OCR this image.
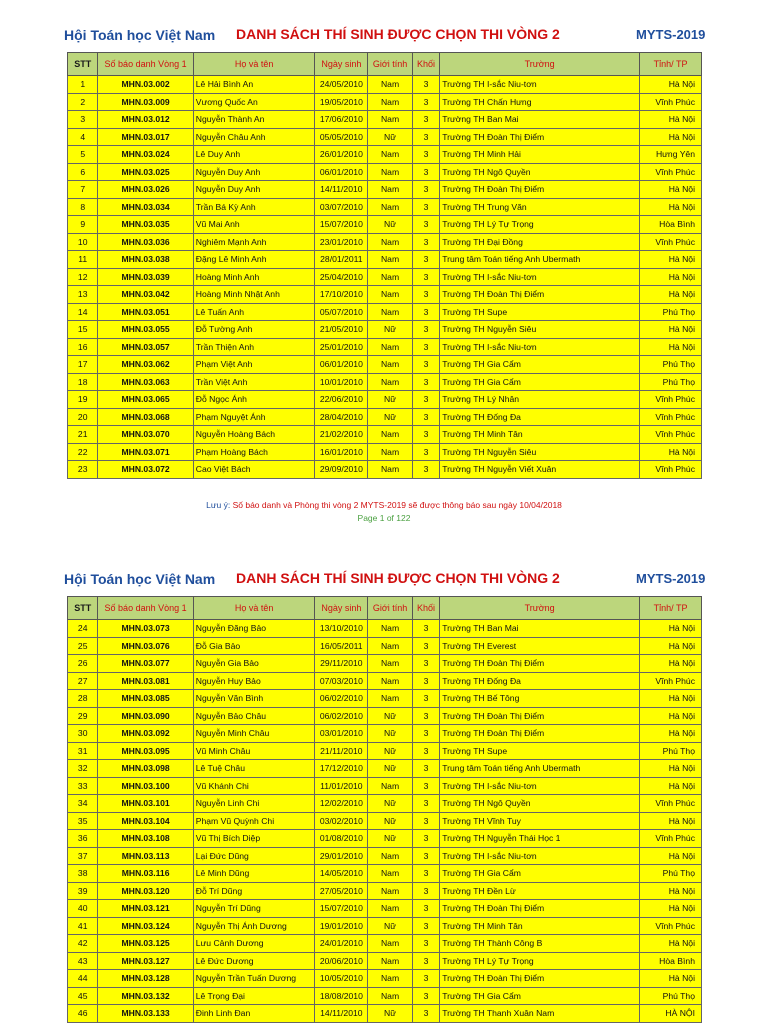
Hội Toán học Việt Nam DANH SÁCH THÍ SINH ĐƯỢC CHỌN THI VÒNG 2	MYTS-2019
STT	Số báo danh Vòng 1	Họ và tên	Ngày sinh	Giới tính	Khối	Trường	Tỉnh/ TP
1	MHN.03.002	Lê Hải Bình An	24/05/2010	Nam	3	Trường TH I-sắc Niu-tơn	Hà Nội
2	MHN.03.009	Vương Quốc An	19/05/2010	Nam	3	Trường TH Chấn Hưng	Vĩnh Phúc
3	MHN.03.012	Nguyễn Thành An	17/06/2010	Nam	3	Trường TH Ban Mai	Hà Nội
4	MHN.03.017	Nguyễn Châu Anh	05/05/2010	Nữ	3	Trường TH Đoàn Thị Điểm	Hà Nội
5	MHN.03.024	Lê Duy Anh	26/01/2010	Nam	3	Trường TH Minh Hải	Hưng Yên
6	MHN.03.025	Nguyễn Duy Anh	06/01/2010	Nam	3	Trường TH Ngô Quyền	Vĩnh Phúc
7	MHN.03.026	Nguyễn Duy Anh	14/11/2010	Nam	3	Trường TH Đoàn Thị Điểm	Hà Nội
8	MHN.03.034	Trần Bá Kỳ Anh	03/07/2010	Nam	3	Trường TH Trung Văn	Hà Nội
9	MHN.03.035	Vũ Mai Anh	15/07/2010	Nữ	3	Trường TH Lý Tự Trọng	Hòa Bình
10	MHN.03.036	Nghiêm Mạnh Anh	23/01/2010	Nam	3	Trường TH Đại Đồng	Vĩnh Phúc
11	MHN.03.038	Đặng Lê Minh Anh	28/01/2011	Nam	3	Trung tâm Toán tiếng Anh Ubermath	Hà Nội
12	MHN.03.039	Hoàng Minh Anh	25/04/2010	Nam	3	Trường TH I-sắc Niu-tơn	Hà Nội
13	MHN.03.042	Hoàng Minh Nhật Anh	17/10/2010	Nam	3	Trường TH Đoàn Thị Điểm	Hà Nội
14	MHN.03.051	Lê Tuấn Anh	05/07/2010	Nam	3	Trường TH Supe	Phú Thọ
15	MHN.03.055	Đỗ Tường Anh	21/05/2010	Nữ	3	Trường TH Nguyễn Siêu	Hà Nội
16	MHN.03.057	Trần Thiện Anh	25/01/2010	Nam	3	Trường TH I-sắc Niu-tơn	Hà Nội
17	MHN.03.062	Phạm Việt Anh	06/01/2010	Nam	3	Trường TH Gia Cẩm	Phú Thọ
18	MHN.03.063	Trần Việt Anh	10/01/2010	Nam	3	Trường TH Gia Cẩm	Phú Thọ
19	MHN.03.065	Đỗ Ngọc Ánh	22/06/2010	Nữ	3	Trường TH Lý Nhân	Vĩnh Phúc
20	MHN.03.068	Phạm Nguyệt Ánh	28/04/2010	Nữ	3	Trường TH Đống Đa	Vĩnh Phúc
21	MHN.03.070	Nguyễn Hoàng Bách	21/02/2010	Nam	3	Trường TH Minh Tân	Vĩnh Phúc
22	MHN.03.071	Phạm Hoàng Bách	16/01/2010	Nam	3	Trường TH Nguyễn Siêu	Hà Nội
23	MHN.03.072	Cao Việt Bách	29/09/2010	Nam	3	Trường TH Nguyễn Viết Xuân	Vĩnh Phúc
Lưu ý: Số báo danh và Phòng thi vòng 2 MYTS-2019 sẽ được thông báo sau ngày 10/04/2018
Page 1 of 122
Hội Toán học Việt Nam DANH SÁCH THÍ SINH ĐƯỢC CHỌN THI VÒNG 2	MYTS-2019
STT	Số báo danh Vòng 1	Họ và tên	Ngày sinh	Giới tính	Khối	Trường	Tỉnh/ TP
24	MHN.03.073	Nguyễn Đăng Bảo	13/10/2010	Nam	3	Trường TH Ban Mai	Hà Nội
25	MHN.03.076	Đỗ Gia Bảo	16/05/2011	Nam	3	Trường TH Everest	Hà Nội
26	MHN.03.077	Nguyễn Gia Bảo	29/11/2010	Nam	3	Trường TH Đoàn Thị Điểm	Hà Nội
27	MHN.03.081	Nguyễn Huy Bảo	07/03/2010	Nam	3	Trường TH Đống Đa	Vĩnh Phúc
28	MHN.03.085	Nguyễn Văn Bình	06/02/2010	Nam	3	Trường TH Bế Tông	Hà Nội
29	MHN.03.090	Nguyễn Bảo Châu	06/02/2010	Nữ	3	Trường TH Đoàn Thị Điểm	Hà Nội
30	MHN.03.092	Nguyễn Minh Châu	03/01/2010	Nữ	3	Trường TH Đoàn Thị Điểm	Hà Nội
31	MHN.03.095	Vũ Minh Châu	21/11/2010	Nữ	3	Trường TH Supe	Phú Thọ
32	MHN.03.098	Lê Tuệ Châu	17/12/2010	Nữ	3	Trung tâm Toán tiếng Anh Ubermath	Hà Nội
33	MHN.03.100	Vũ Khánh Chi	11/01/2010	Nam	3	Trường TH I-sắc Niu-tơn	Hà Nội
34	MHN.03.101	Nguyễn Linh Chi	12/02/2010	Nữ	3	Trường TH Ngô Quyền	Vĩnh Phúc
35	MHN.03.104	Phạm Vũ Quỳnh Chi	03/02/2010	Nữ	3	Trường TH Vĩnh Tuy	Hà Nội
36	MHN.03.108	Vũ Thị Bích Diệp	01/08/2010	Nữ	3	Trường TH Nguyễn Thái Học 1	Vĩnh Phúc
37	MHN.03.113	Lại Đức Dũng	29/01/2010	Nam	3	Trường TH I-sắc Niu-tơn	Hà Nội
38	MHN.03.116	Lê Minh Dũng	14/05/2010	Nam	3	Trường TH Gia Cẩm	Phú Thọ
39	MHN.03.120	Đỗ Trí Dũng	27/05/2010	Nam	3	Trường TH Đền Lừ	Hà Nội
40	MHN.03.121	Nguyễn Trí Dũng	15/07/2010	Nam	3	Trường TH Đoàn Thị Điểm	Hà Nội
41	MHN.03.124	Nguyễn Thị Ánh Dương	19/01/2010	Nữ	3	Trường TH Minh Tân	Vĩnh Phúc
42	MHN.03.125	Lưu Cảnh Dương	24/01/2010	Nam	3	Trường TH Thành Công B	Hà Nội
43	MHN.03.127	Lê Đức Dương	20/06/2010	Nam	3	Trường TH Lý Tự Trọng	Hòa Bình
44	MHN.03.128	Nguyễn Trần Tuấn Dương	10/05/2010	Nam	3	Trường TH Đoàn Thị Điểm	Hà Nội
45	MHN.03.132	Lê Trọng Đại	18/08/2010	Nam	3	Trường TH Gia Cẩm	Phú Thọ
46	MHN.03.133	Đinh Linh Đan	14/11/2010	Nữ	3	Trường TH Thanh Xuân Nam	HÀ NỘI
